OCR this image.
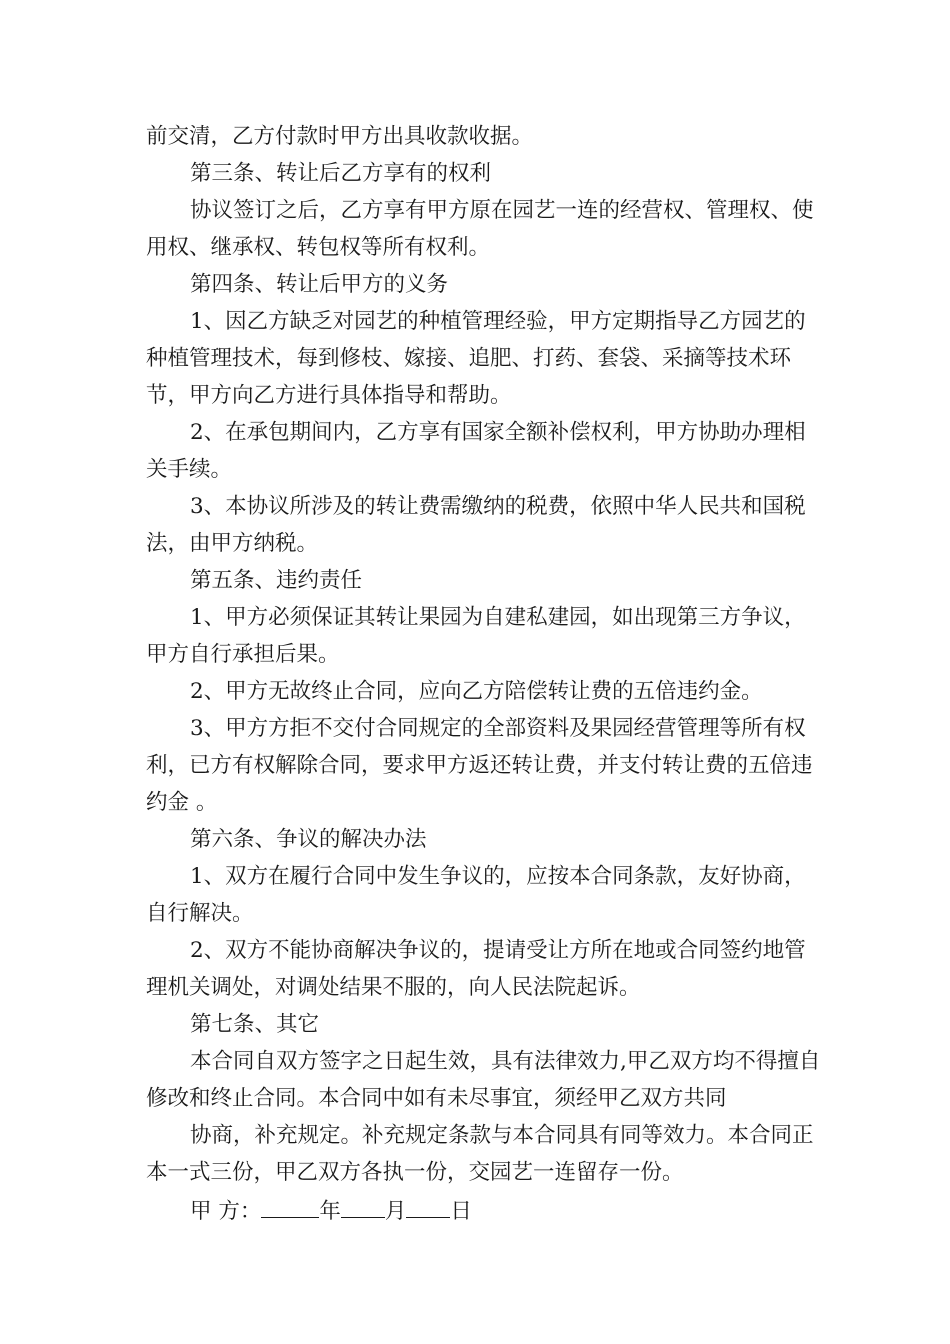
前交清，乙方付款时甲方出具收款收据。

第三条、转让后乙方享有的权利

协议签订之后，乙方享有甲方原在园艺一连的经营权、管理权、使用权、继承权、转包权等所有权利。

第四条、转让后甲方的义务

1、因乙方缺乏对园艺的种植管理经验，甲方定期指导乙方园艺的种植管理技术，每到修枝、嫁接、追肥、打药、套袋、采摘等技术环节，甲方向乙方进行具体指导和帮助。

2、在承包期间内，乙方享有国家全额补偿权利，甲方协助办理相关手续。

3、本协议所涉及的转让费需缴纳的税费，依照中华人民共和国税法，由甲方纳税。

第五条、违约责任

1、甲方必须保证其转让果园为自建私建园，如出现第三方争议，甲方自行承担后果。

2、甲方无故终止合同，应向乙方陪偿转让费的五倍违约金。

3、甲方方拒不交付合同规定的全部资料及果园经营管理等所有权利，已方有权解除合同，要求甲方返还转让费，并支付转让费的五倍违约金 。

第六条、争议的解决办法

1、双方在履行合同中发生争议的，应按本合同条款，友好协商，自行解决。

2、双方不能协商解决争议的，提请受让方所在地或合同签约地管理机关调处，对调处结果不服的，向人民法院起诉。

第七条、其它

本合同自双方签字之日起生效，具有法律效力,甲乙双方均不得擅自修改和终止合同。本合同中如有未尽事宜，须经甲乙双方共同

协商，补充规定。补充规定条款与本合同具有同等效力。本合同正本一式三份，甲乙双方各执一份，交园艺一连留存一份。

甲 方：	年 月 日
